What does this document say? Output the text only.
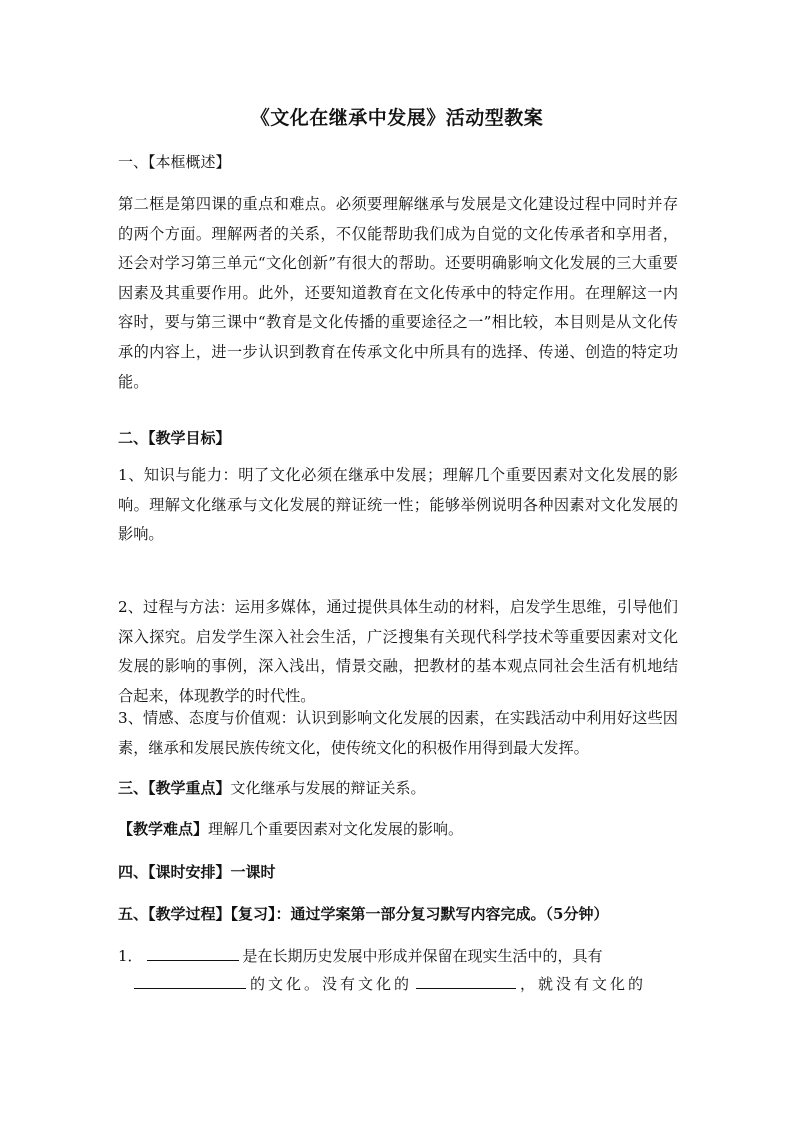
《文化在继承中发展》活动型教案
一、【本框概述】
第二框是第四课的重点和难点。必须要理解继承与发展是文化建设过程中同时并存的两个方面。理解两者的关系，不仅能帮助我们成为自觉的文化传承者和享用者，还会对学习第三单元“文化创新”有很大的帮助。还要明确影响文化发展的三大重要因素及其重要作用。此外，还要知道教育在文化传承中的特定作用。在理解这一内容时，要与第三课中“教育是文化传播的重要途径之一”相比较，本目则是从文化传承的内容上，进一步认识到教育在传承文化中所具有的选择、传递、创造的特定功能。
二、【教学目标】
1、知识与能力：明了文化必须在继承中发展；理解几个重要因素对文化发展的影响。理解文化继承与文化发展的辩证统一性；能够举例说明各种因素对文化发展的影响。
2、过程与方法：运用多媒体，通过提供具体生动的材料，启发学生思维，引导他们深入探究。启发学生深入社会生活，广泛搜集有关现代科学技术等重要因素对文化发展的影响的事例，深入浅出，情景交融，把教材的基本观点同社会生活有机地结合起来，体现教学的时代性。
3、情感、态度与价值观：认识到影响文化发展的因素，在实践活动中利用好这些因素，继承和发展民族传统文化，使传统文化的积极作用得到最大发挥。
三、【教学重点】文化继承与发展的辩证关系。
【教学难点】理解几个重要因素对文化发展的影响。
四、【课时安排】一课时
五、【教学过程】【复习】：通过学案第一部分复习默写内容完成。（5分钟）
1．	是在长期历史发展中形成并保留在现实生活中的，具有
的文化。没有文化的	，就没有文化的
